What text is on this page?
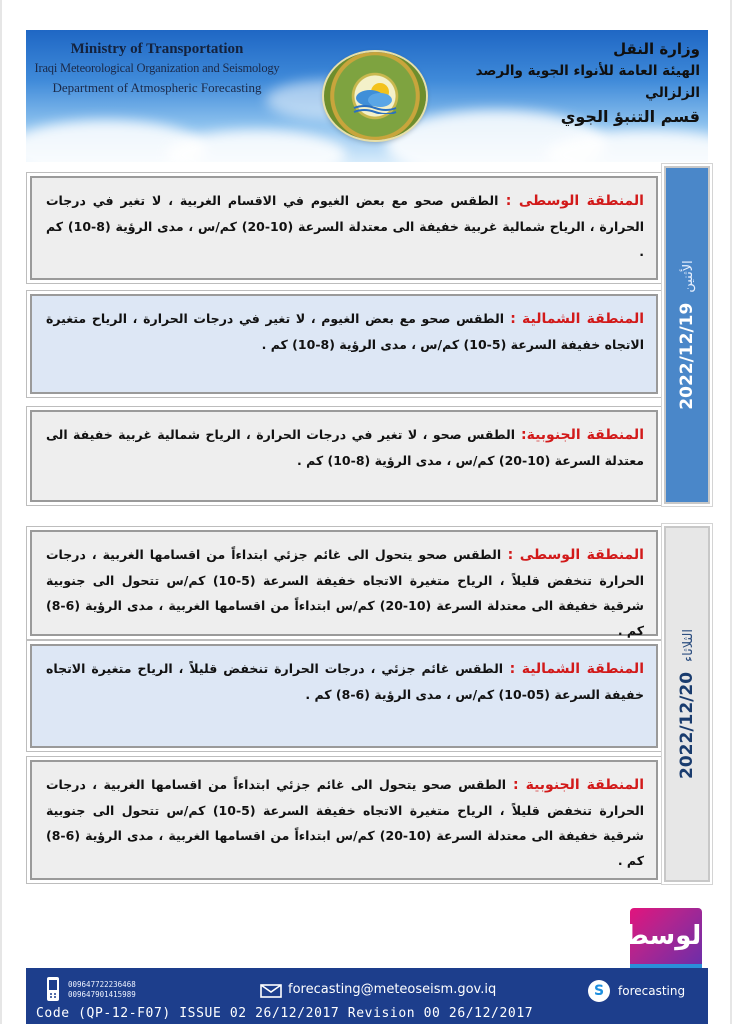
Ministry of Transportation
Iraqi Meteorological Organization and Seismology
Department of Atmospheric Forecasting
وزارة النقل
الهيئة العامة للأنواء الجوية والرصد الزلزالي
قسم التنبؤ الجوي
المنطقة الوسطى : الطقس صحو مع بعض الغيوم في الاقسام الغربية ، لا تغير في درجات الحرارة ، الرياح شمالية غربية خفيفة الى معتدلة السرعة (10-20) كم/س ، مدى الرؤية (8-10) كم .
المنطقة الشمالية : الطقس صحو مع بعض الغيوم ، لا تغير في درجات الحرارة ، الرياح متغيرة الاتجاه خفيفة السرعة (5-10) كم/س ، مدى الرؤية (8-10) كم .
المنطقة الجنوبية: الطقس صحو ، لا تغير في درجات الحرارة ، الرياح شمالية غربية خفيفة الى معتدلة السرعة (10-20) كم/س ، مدى الرؤية (8-10) كم .
2022/12/19
الأثنين
المنطقة الوسطى : الطقس صحو يتحول الى غائم جزئي ابتداءاً من اقسامها الغربية ، درجات الحرارة تنخفض قليلاً ، الرياح متغيرة الاتجاه خفيفة السرعة (5-10) كم/س تتحول الى جنوبية شرقية خفيفة الى معتدلة السرعة (10-20) كم/س ابتداءاً من اقسامها الغربية ، مدى الرؤية (6-8) كم .
المنطقة الشمالية : الطقس غائم جزئي ، درجات الحرارة تنخفض قليلاً ، الرياح متغيرة الاتجاه خفيفة السرعة (05-10) كم/س ، مدى الرؤية (6-8) كم .
المنطقة الجنوبية : الطقس صحو يتحول الى غائم جزئي ابتداءاً من اقسامها الغربية ، درجات الحرارة تنخفض قليلاً ، الرياح متغيرة الاتجاه خفيفة السرعة (5-10) كم/س تتحول الى جنوبية شرقية خفيفة الى معتدلة السرعة (10-20) كم/س ابتداءاً من اقسامها الغربية ، مدى الرؤية (6-8) كم .
2022/12/20
الثلاثاء
الوسط
009647722236468
009647901415989	forecasting@meteoseism.gov.iq	S	forecasting
Code (QP-12-F07) ISSUE 02 26/12/2017 Revision 00 26/12/2017
